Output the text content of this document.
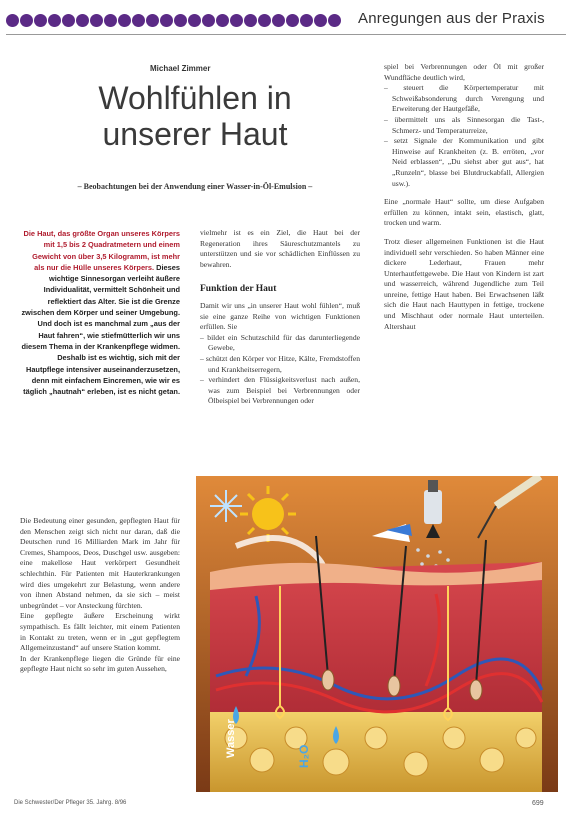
Anregungen aus der Praxis
Michael Zimmer
Wohlfühlen in
unserer Haut
– Beobachtungen bei der Anwendung einer Wasser-in-Öl-Emulsion –
Die Haut, das größte Organ unseres Körpers mit 1,5 bis 2 Quadratmetern und einem Gewicht von über 3,5 Kilogramm, ist mehr als nur die Hülle unseres Körpers. Dieses wichtige Sinnesorgan verleiht äußere Individualität, vermittelt Schönheit und reflektiert das Alter. Sie ist die Grenze zwischen dem Körper und seiner Umgebung. Und doch ist es manchmal zum „aus der Haut fahren“, wie stiefmütterlich wir uns diesem Thema in der Krankenpflege widmen. Deshalb ist es wichtig, sich mit der Hautpflege intensiver auseinanderzusetzen, denn mit einfachem Eincremen, wie wir es täglich „hautnah“ erleben, ist es nicht getan.

Die Bedeutung einer gesunden, gepflegten Haut für den Menschen zeigt sich nicht nur daran, daß die Deutschen rund 16 Milliarden Mark im Jahr für Cremes, Shampoos, Deos, Duschgel usw. ausgeben: eine makellose Haut verkörpert Gesundheit schlechthin. Für Patienten mit Hauterkrankungen wird dies umgekehrt zur Belastung, wenn andere von ihnen Abstand nehmen, da sie sich – meist unbegründet – vor Ansteckung fürchten.

Eine gepflegte äußere Erscheinung wirkt sympathisch. Es fällt leichter, mit einem Patienten in Kontakt zu treten, wenn er in „gut gepflegtem Allgemeinzustand“ auf unsere Station kommt.

In der Krankenpflege liegen die Gründe für eine gepflegte Haut nicht so sehr im guten Aussehen,

vielmehr ist es ein Ziel, die Haut bei der Regeneration ihres Säureschutzmantels zu unterstützen und sie vor schädlichen Einflüssen zu bewahren.

Funktion der Haut

Damit wir uns „in unserer Haut wohl fühlen“, muß sie eine ganze Reihe von wichtigen Funktionen erfüllen. Sie

– bildet ein Schutzschild für das darunterliegende Gewebe,
– schützt den Körper vor Hitze, Kälte, Fremdstoffen und Krankheitserregern,
– verhindert den Flüssigkeitsverlust nach außen, was zum Beispiel bei Verbrennungen oder Ölbeispiel bei Verbrennungen oder
spiel bei Verbrennungen oder Öl mit großer Wundfläche deutlich wird,
– steuert die Körpertemperatur mit Schweißabsonderung durch Verengung und Erweiterung der Hautgefäße,
– übermittelt uns als Sinnesorgan die Tast-, Schmerz- und Temperaturreize,
– setzt Signale der Kommunikation und gibt Hinweise auf Krankheiten (z. B. erröten, „vor Neid erblassen“, „Du siehst aber gut aus“, hat „Runzeln“, blasse bei Blutdruckabfall, Allergien usw.).

Eine „normale Haut“ sollte, um diese Aufgaben erfüllen zu können, intakt sein, elastisch, glatt, trocken und warm.

Trotz dieser allgemeinen Funktionen ist die Haut individuell sehr verschieden. So haben Männer eine dickere Lederhaut, Frauen mehr Unterhautfettgewebe. Die Haut von Kindern ist zart und wasserreich, während Jugendliche zum Teil unreine, fettige Haut haben. Bei Erwachsenen läßt sich die Haut nach Hauttypen in fettige, trockene und Mischhaut oder normale Haut unterteilen. Altershaut

Wasser	H₂O
Die Schwester/Der Pfleger 35. Jahrg. 8/96	699
